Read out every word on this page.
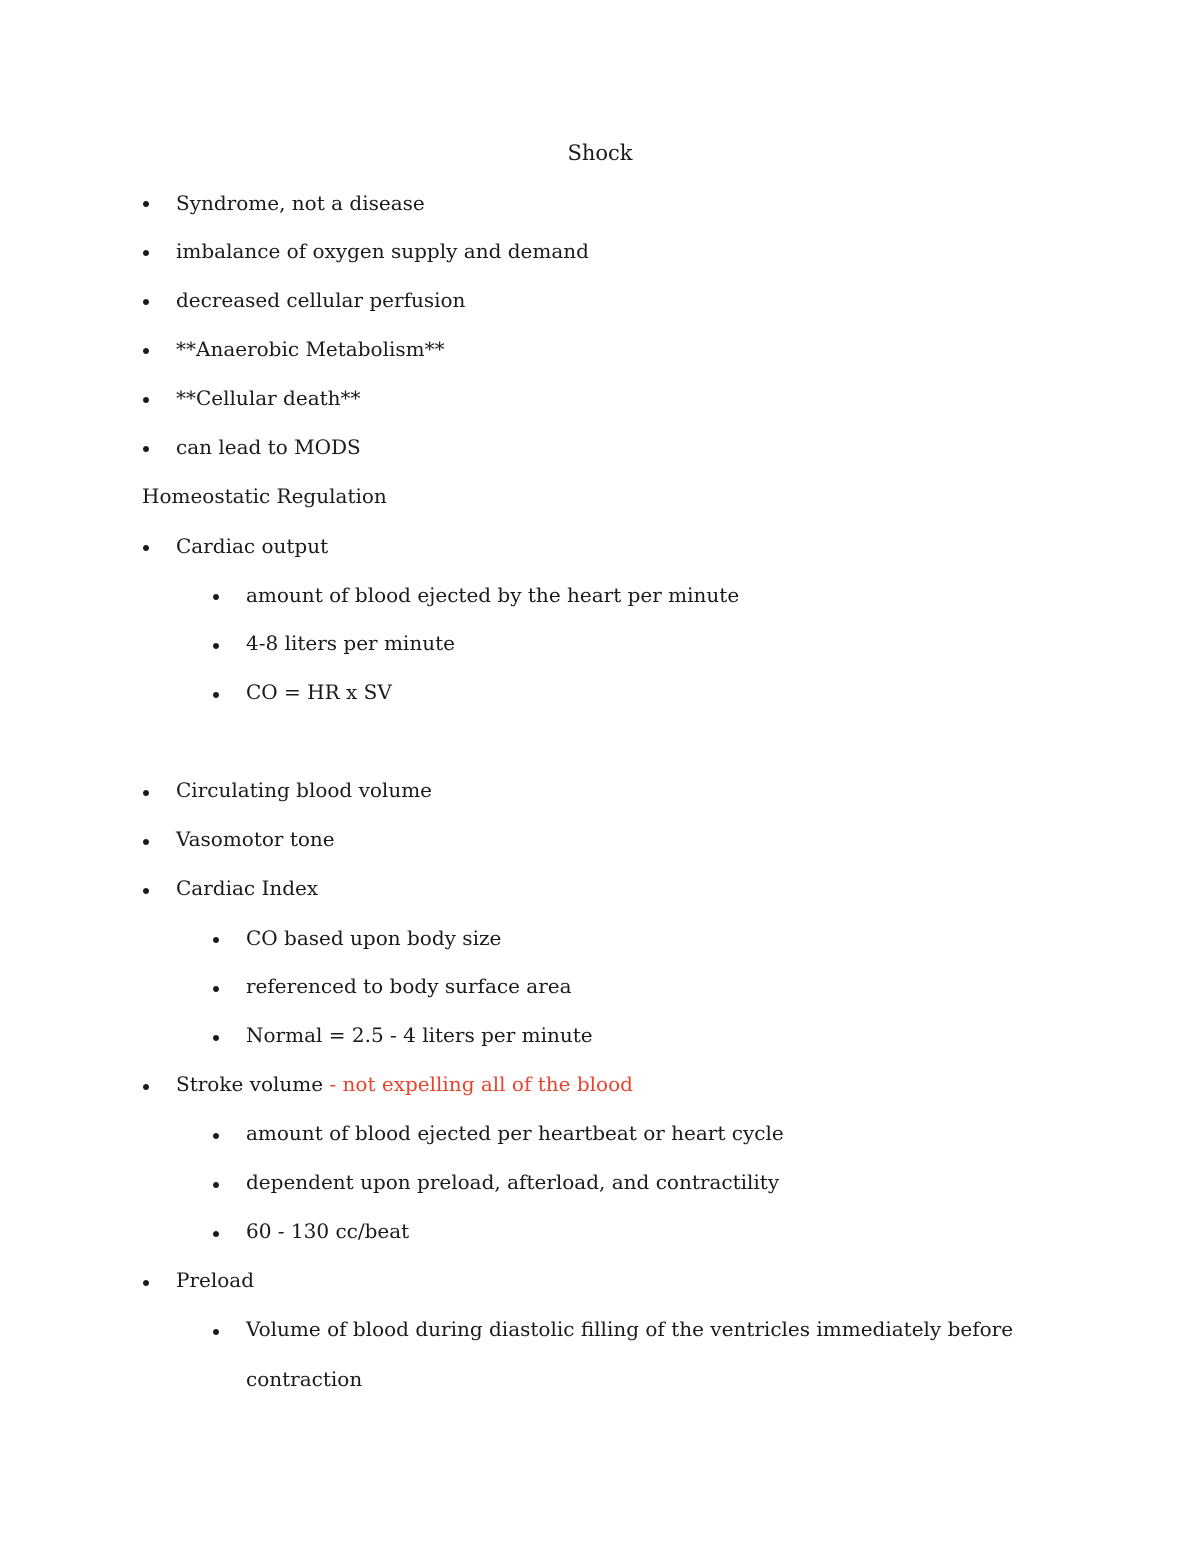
Shock
Syndrome, not a disease
imbalance of oxygen supply and demand
decreased cellular perfusion
**Anaerobic Metabolism**
**Cellular death**
can lead to MODS
Homeostatic Regulation
Cardiac output
amount of blood ejected by the heart per minute
4-8 liters per minute
CO = HR x SV
Circulating blood volume
Vasomotor tone
Cardiac Index
CO based upon body size
referenced to body surface area
Normal = 2.5 - 4 liters per minute
Stroke volume - not expelling all of the blood
amount of blood ejected per heartbeat or heart cycle
dependent upon preload, afterload, and contractility
60 - 130 cc/beat
Preload
Volume of blood during diastolic filling of the ventricles immediately before
contraction
